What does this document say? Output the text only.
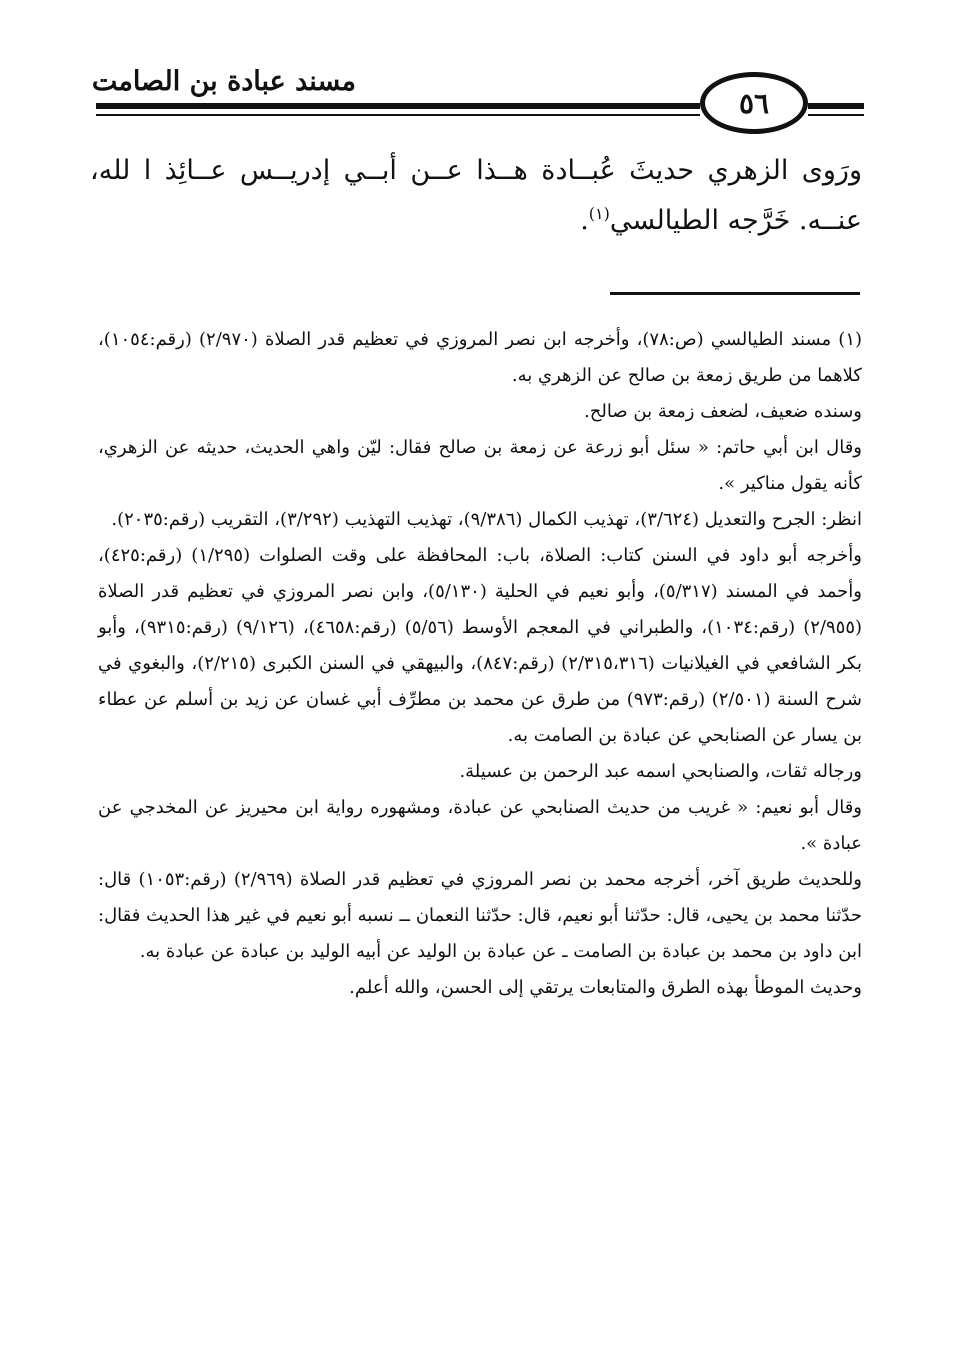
مسند عبادة بن الصامت
٥٦

ورَوى الزهري حديثَ عُبــادة هــذا عــن أبــي إدريــس عــائِذ ا لله، عنــه. خَرَّجه الطيالسي$^{(١)}$.

(١) مسند الطيالسي (ص:٧٨)، وأخرجه ابن نصر المروزي في تعظيم قدر الصلاة (٢/٩٧٠) (رقم:١٠٥٤)، كلاهما من طريق زمعة بن صالح عن الزهري به.

وسنده ضعيف، لضعف زمعة بن صالح.

وقال ابن أبي حاتم: « سئل أبو زرعة عن زمعة بن صالح فقال: ليّن واهي الحديث، حديثه عن الزهري، كأنه يقول مناكير ».

انظر: الجرح والتعديل (٣/٦٢٤)، تهذيب الكمال (٩/٣٨٦)، تهذيب التهذيب (٣/٢٩٢)، التقريب (رقم:٢٠٣٥).

وأخرجه أبو داود في السنن كتاب: الصلاة، باب: المحافظة على وقت الصلوات (١/٢٩٥) (رقم:٤٢٥)، وأحمد في المسند (٥/٣١٧)، وأبو نعيم في الحلية (٥/١٣٠)، وابن نصر المروزي في تعظيم قدر الصلاة (٢/٩٥٥) (رقم:١٠٣٤)، والطبراني في المعجم الأوسط (٥/٥٦) (رقم:٤٦٥٨)، (٩/١٢٦) (رقم:٩٣١٥)، وأبو بكر الشافعي في الغيلانيات (٢/٣١٥،٣١٦) (رقم:٨٤٧)، والبيهقي في السنن الكبرى (٢/٢١٥)، والبغوي في شرح السنة (٢/٥٠١) (رقم:٩٧٣) من طرق عن محمد بن مطرِّف أبي غسان عن زيد بن أسلم عن عطاء بن يسار عن الصنابحي عن عبادة بن الصامت به.

ورجاله ثقات، والصنابحي اسمه عبد الرحمن بن عسيلة.

وقال أبو نعيم: « غريب من حديث الصنابحي عن عبادة، ومشهوره رواية ابن محيريز عن المخدجي عن عبادة ».

وللحديث طريق آخر، أخرجه محمد بن نصر المروزي في تعظيم قدر الصلاة (٢/٩٦٩) (رقم:١٠٥٣) قال: حدّثنا محمد بن يحيى، قال: حدّثنا أبو نعيم، قال: حدّثنا النعمان ــ نسبه أبو نعيم في غير هذا الحديث فقال: ابن داود بن محمد بن عبادة بن الصامت ـ عن عبادة بن الوليد عن أبيه الوليد بن عبادة عن عبادة به.

وحديث الموطأ بهذه الطرق والمتابعات يرتقي إلى الحسن، والله أعلم.
